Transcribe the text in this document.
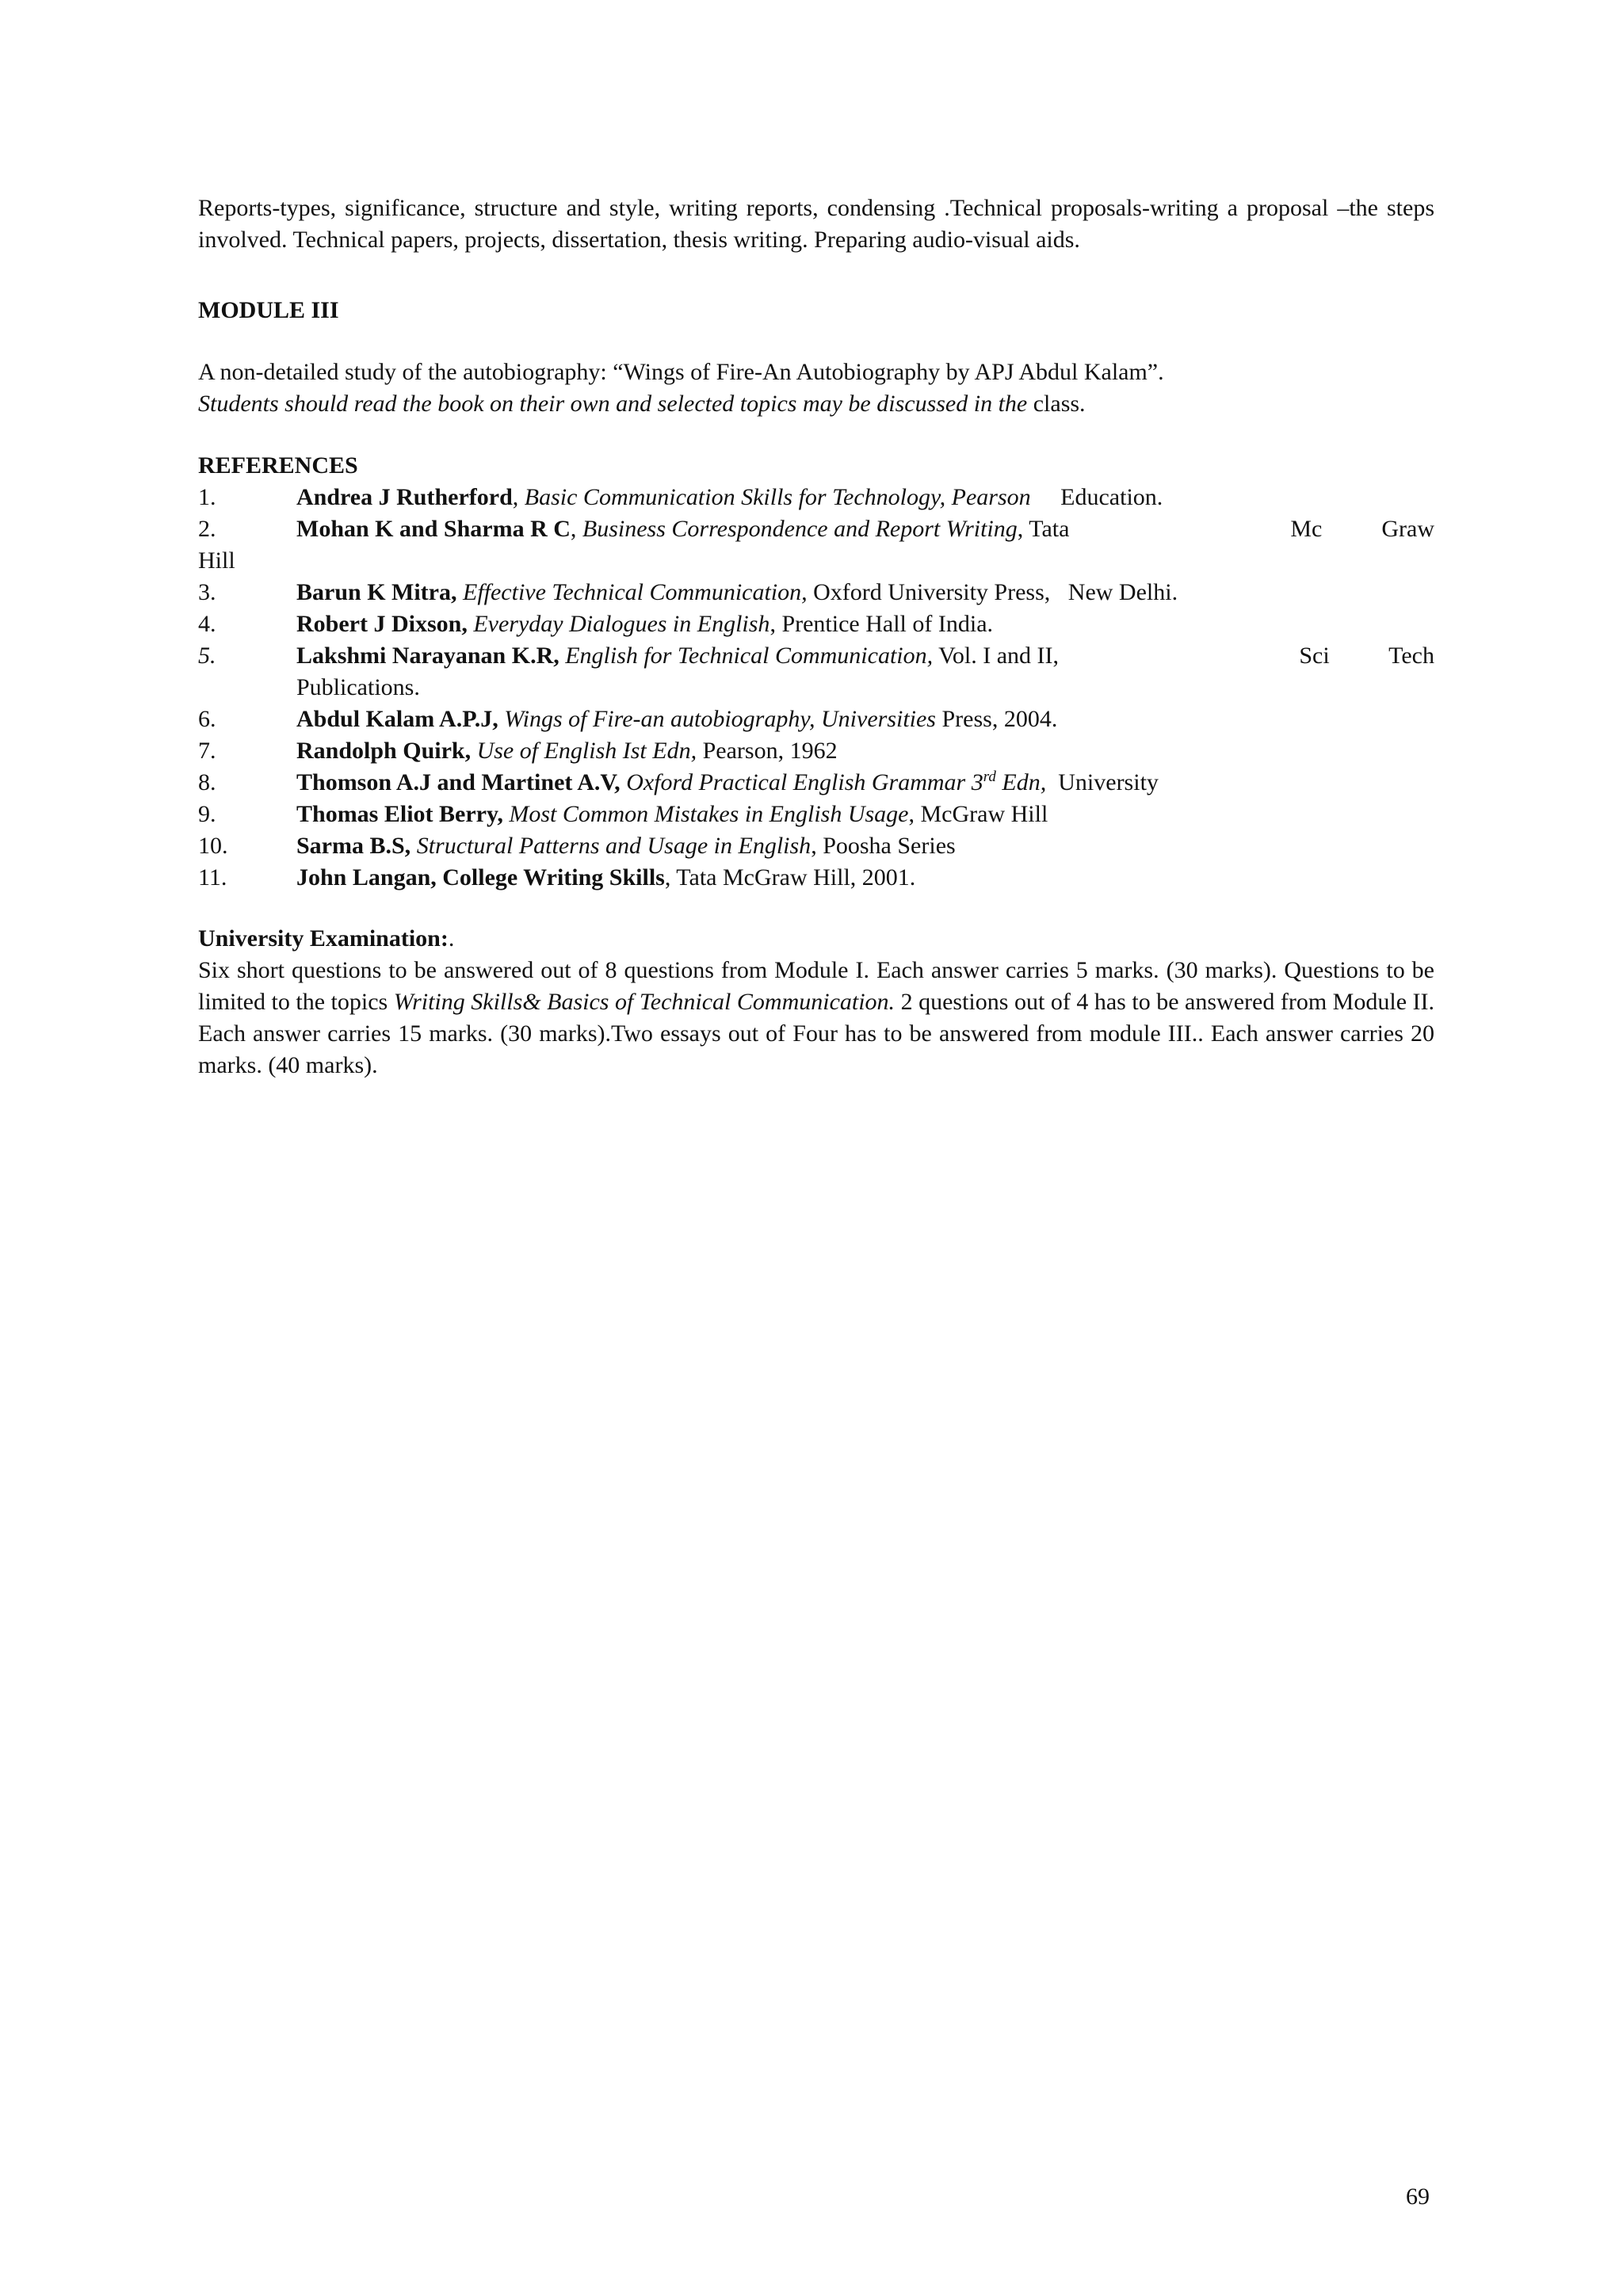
Reports-types, significance, structure and style, writing reports, condensing .Technical proposals-writing a proposal –the steps involved. Technical papers, projects, dissertation, thesis writing. Preparing audio-visual aids.
MODULE III
A non-detailed study of the autobiography: “Wings of Fire-An Autobiography by APJ Abdul Kalam”.
Students should read the book on their own and selected topics may be discussed in the class.
REFERENCES
1.	Andrea J Rutherford, Basic Communication Skills for Technology, Pearson     Education.
2.	Mohan K and Sharma R C, Business Correspondence and Report Writing, Tata	Mc          Graw
Hill
3.	Barun K Mitra, Effective Technical Communication, Oxford University Press,   New Delhi.
4.	Robert J Dixson, Everyday Dialogues in English, Prentice Hall of India.
5.	Lakshmi Narayanan K.R, English for Technical Communication, Vol. I and II,	Sci          Tech
Publications.
6.	Abdul Kalam A.P.J, Wings of Fire-an autobiography, Universities Press, 2004.
7.	Randolph Quirk, Use of English Ist Edn, Pearson, 1962
8.	Thomson A.J and Martinet A.V, Oxford Practical English Grammar 3rd Edn,  University
9.	Thomas Eliot Berry, Most Common Mistakes in English Usage, McGraw Hill
10.	Sarma B.S, Structural Patterns and Usage in English, Poosha Series
11.	John Langan, College Writing Skills, Tata McGraw Hill, 2001.
University Examination:.
Six short questions to be answered out of 8 questions from Module I. Each answer carries 5 marks. (30 marks). Questions to be limited to the topics Writing Skills& Basics of Technical Communication. 2 questions out of 4 has to be answered from Module II. Each answer carries 15 marks. (30 marks).Two essays out of Four has to be answered from module III.. Each answer carries 20 marks. (40 marks).
69
